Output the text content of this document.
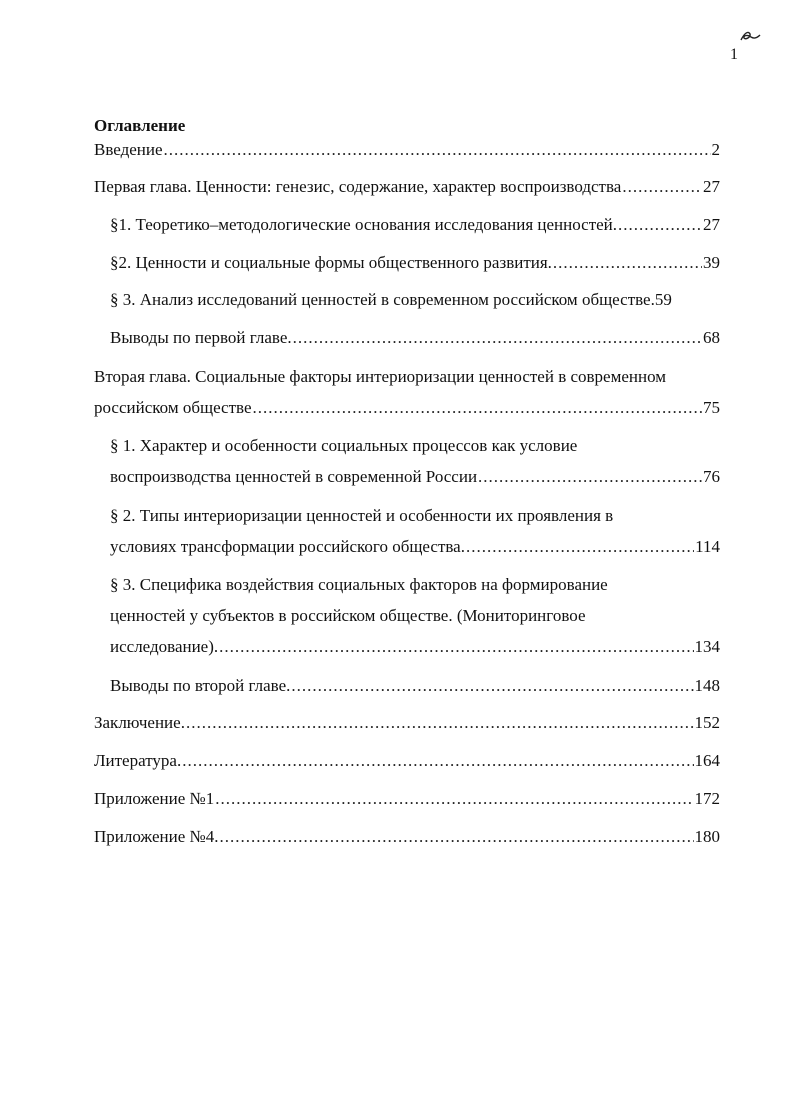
1
Оглавление
Введение .....	2
Первая глава. Ценности: генезис, содержание, характер воспроизводства .....	27
§1. Теоретико–методологические основания исследования ценностей. .....	27
§2. Ценности и социальные формы общественного развития. .....	39
§ 3. Анализ исследований ценностей в современном российском обществе. 59
Выводы по первой главе. .....	68
Вторая глава. Социальные факторы интериоризации ценностей в современном
российском обществе .....	75
§ 1. Характер и особенности социальных процессов как условие
воспроизводства ценностей в современной России .....	76
§ 2. Типы интериоризации ценностей и особенности их проявления в
условиях трансформации российского общества. .....	114
§ 3. Специфика воздействия социальных факторов на формирование
ценностей у субъектов в российском обществе. (Мониторинговое
исследование). .....	134
Выводы по второй главе. .....	148
Заключение. .....	152
Литература. .....	164
Приложение №1 .....	172
Приложение №4. .....	180
